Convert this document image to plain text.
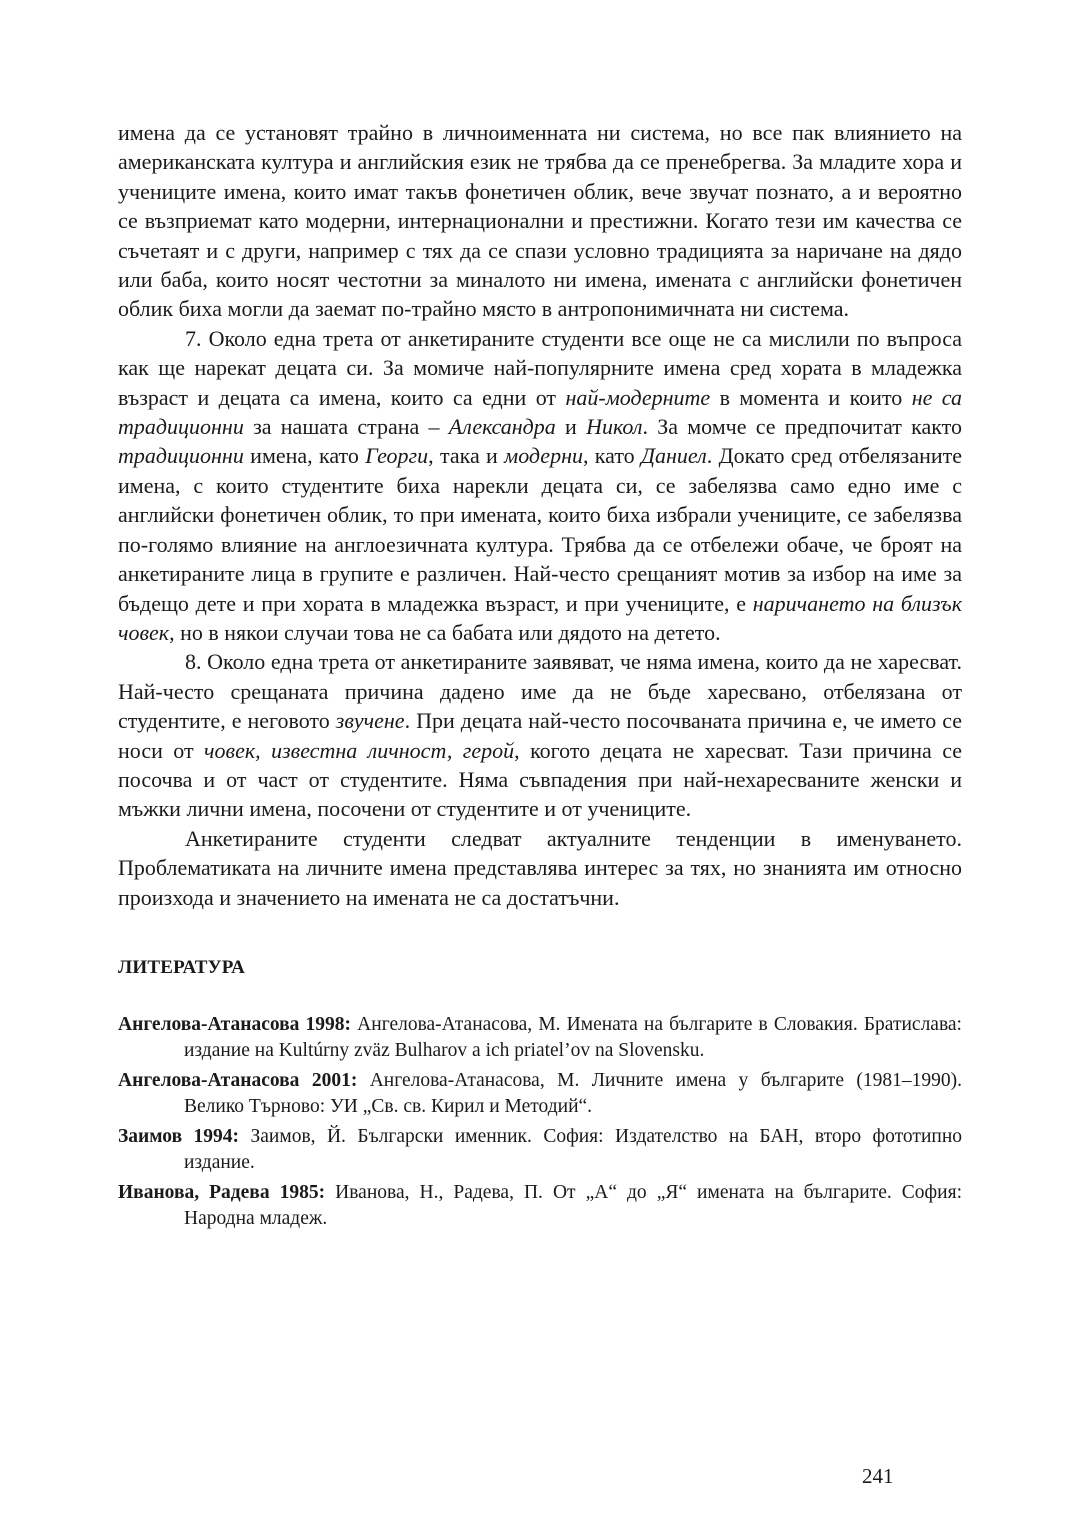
имена да се установят трайно в личноименната ни система, но все пак влиянието на американската култура и английския език не трябва да се пренебрегва. За младите хора и учениците имена, които имат такъв фонетичен облик, вече звучат познато, а и вероятно се възприемат като модерни, интернационални и престижни. Когато тези им качества се съчетаят и с други, например с тях да се спази условно традицията за наричане на дядо или баба, които носят честотни за миналото ни имена, имената с английски фонетичен облик биха могли да заемат по-трайно място в антропонимичната ни система.

7. Около една трета от анкетираните студенти все още не са мислили по въпроса как ще нарекат децата си. За момиче най-популярните имена сред хората в младежка възраст и децата са имена, които са едни от най-модерните в момента и които не са традиционни за нашата страна – Александра и Никол. За момче се предпочитат както традиционни имена, като Георги, така и модерни, като Даниел. Докато сред отбелязаните имена, с които студентите биха нарекли децата си, се забелязва само едно име с английски фонетичен облик, то при имената, които биха избрали учениците, се забелязва по-голямо влияние на англоезичната култура. Трябва да се отбележи обаче, че броят на анкетираните лица в групите е различен. Най-често срещаният мотив за избор на име за бъдещо дете и при хората в младежка възраст, и при учениците, е наричането на близък човек, но в някои случаи това не са бабата или дядото на детето.

8. Около една трета от анкетираните заявяват, че няма имена, които да не харесват. Най-често срещаната причина дадено име да не бъде харесвано, отбелязана от студентите, е неговото звучене. При децата най-често посочваната причина е, че името се носи от човек, известна личност, герой, когото децата не харесват. Тази причина се посочва и от част от студентите. Няма съвпадения при най-нехаресваните женски и мъжки лични имена, посочени от студентите и от учениците.

Анкетираните студенти следват актуалните тенденции в именуването. Проблематиката на личните имена представлява интерес за тях, но знанията им относно произхода и значението на имената не са достатъчни.

ЛИТЕРАТУРА

Ангелова-Атанасова 1998: Ангелова-Атанасова, М. Имената на българите в Словакия. Братислава: издание на Kultúrny zväz Bulharov a ich priatel’ov na Slovensku.

Ангелова-Атанасова 2001: Ангелова-Атанасова, М. Личните имена у българите (1981–1990). Велико Търново: УИ „Св. св. Кирил и Методий“.

Заимов 1994: Заимов, Й. Български именник. София: Издателство на БАН, второ фототипно издание.

Иванова, Радева 1985: Иванова, Н., Радева, П. От „А“ до „Я“ имената на българите. София: Народна младеж.

241
